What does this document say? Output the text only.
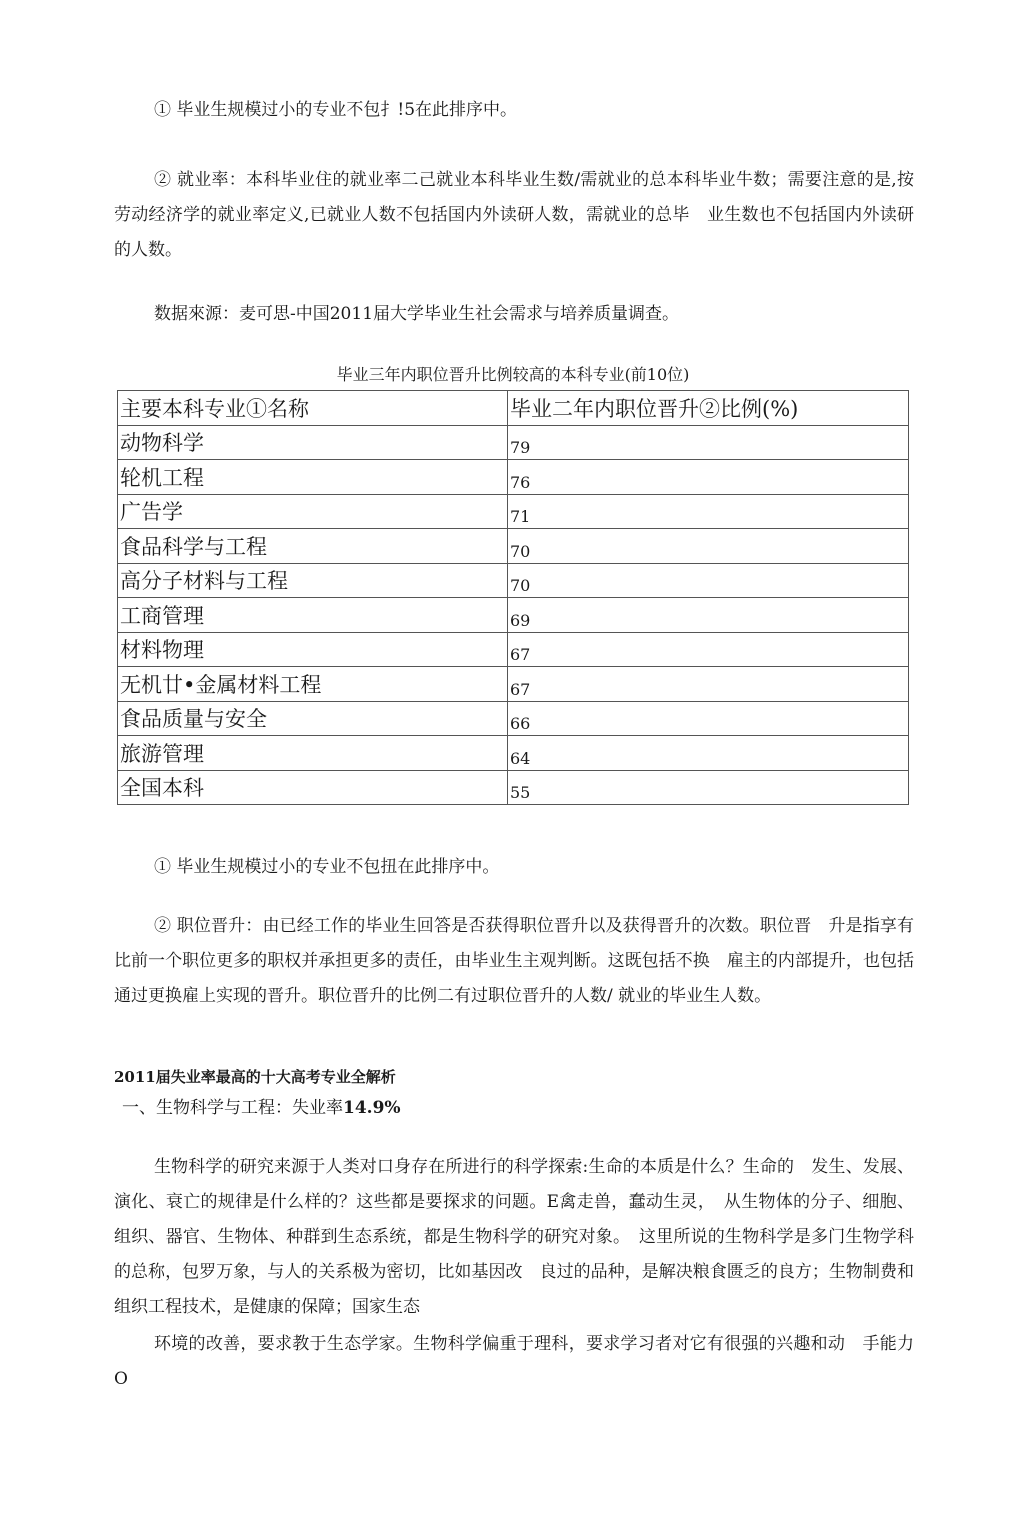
① 毕业生规模过小的专业不包扌!5在此排序中。

② 就业率：本科毕业住的就业率二己就业本科毕业生数/需就业的总本科毕业牛数；需要注意的是,按劳动经济学的就业率定义,已就业人数不包括国内外读研人数，需就业的总毕　业生数也不包括国内外读研的人数。

数据來源：麦可思-中国2011届大学毕业生社会需求与培养质量调查。

毕业三年内职位晋升比例较高的本科专业(前10位)

主要本科专业①名称	毕业二年内职位晋升②比例(%)
动物科学	79
轮机工程	76
广告学	71
食品科学与工程	70
高分子材料与工程	70
工商管理	69
材料物理	67
无机廿•金属材料工程	67
食品质量与安全	66
旅游管理	64
全国本科	55

① 毕业生规模过小的专业不包扭在此排序中。

② 职位晋升：由已经工作的毕业生回答是否获得职位晋升以及获得晋升的次数。职位晋　升是指享有比前一个职位更多的职权并承担更多的责任，由毕业生主观判断。这既包括不换　雇主的内部提升，也包括通过更换雇上实现的晋升。职位晋升的比例二有过职位晋升的人数/ 就业的毕业生人数。

2011届失业率最高的十大高考专业全解析

一、生物科学与工程：失业率14.9%

生物科学的研究来源于人类对口身存在所进行的科学探索:生命的本质是什么？生命的　发生、发展、演化、衰亡的规律是什么样的？这些都是要探求的问题。E禽走兽，蠢动生灵，　从生物体的分子、细胞、组织、器官、生物体、种群到生态系统，都是生物科学的研究对象。　这里所说的生物科学是多门生物学科的总称，包罗万象，与人的关系极为密切，比如基因改　良过的品种，是解决粮食匮乏的良方；生物制费和组织工程技术，是健康的保障；国家生态

环境的改善，要求教于生态学家。生物科学偏重于理科，要求学习者对它有很强的兴趣和动　手能力O
